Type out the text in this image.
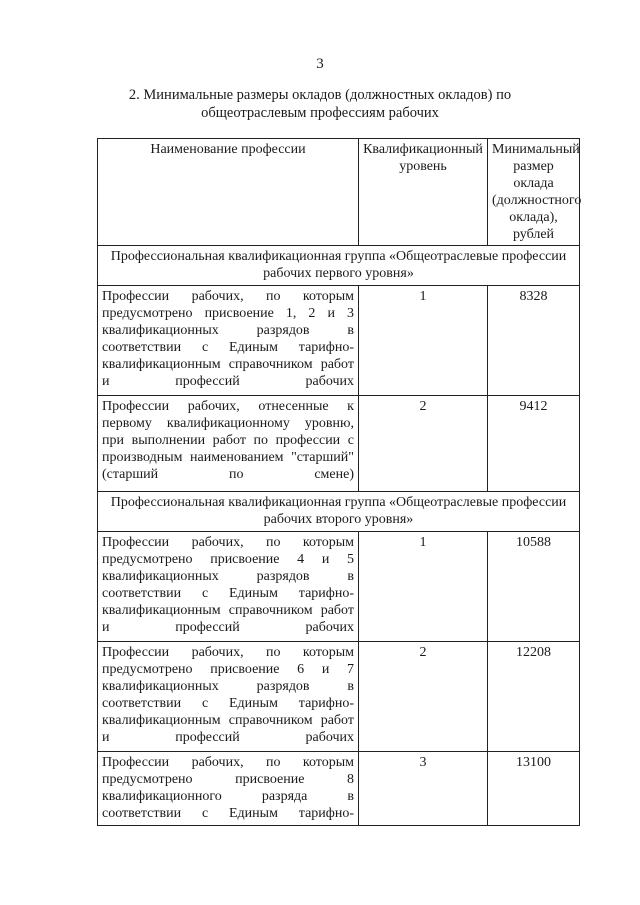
3
2. Минимальные размеры окладов (должностных окладов) по
общеотраслевым профессиям рабочих
Наименование профессии	Квалификационный уровень	Минимальный размер оклада (должностного оклада), рублей
Профессиональная квалификационная группа «Общеотраслевые профессии рабочих первого уровня»		
Профессии рабочих, по которым предусмотрено присвоение 1, 2 и 3 квалификационных разрядов в соответствии с Единым тарифно-квалификационным справочником работ и профессий рабочих	1	8328
Профессии рабочих, отнесенные к первому квалификационному уровню, при выполнении работ по профессии с производным наименованием "старший" (старший по смене)	2	9412
Профессиональная квалификационная группа «Общеотраслевые профессии рабочих второго уровня»		
Профессии рабочих, по которым предусмотрено присвоение 4 и 5 квалификационных разрядов в соответствии с Единым тарифно-квалификационным справочником работ и профессий рабочих	1	10588
Профессии рабочих, по которым предусмотрено присвоение 6 и 7 квалификационных разрядов в соответствии с Единым тарифно-квалификационным справочником работ и профессий рабочих	2	12208
Профессии рабочих, по которым предусмотрено присвоение 8 квалификационного разряда в соответствии с Единым тарифно-	3	13100
